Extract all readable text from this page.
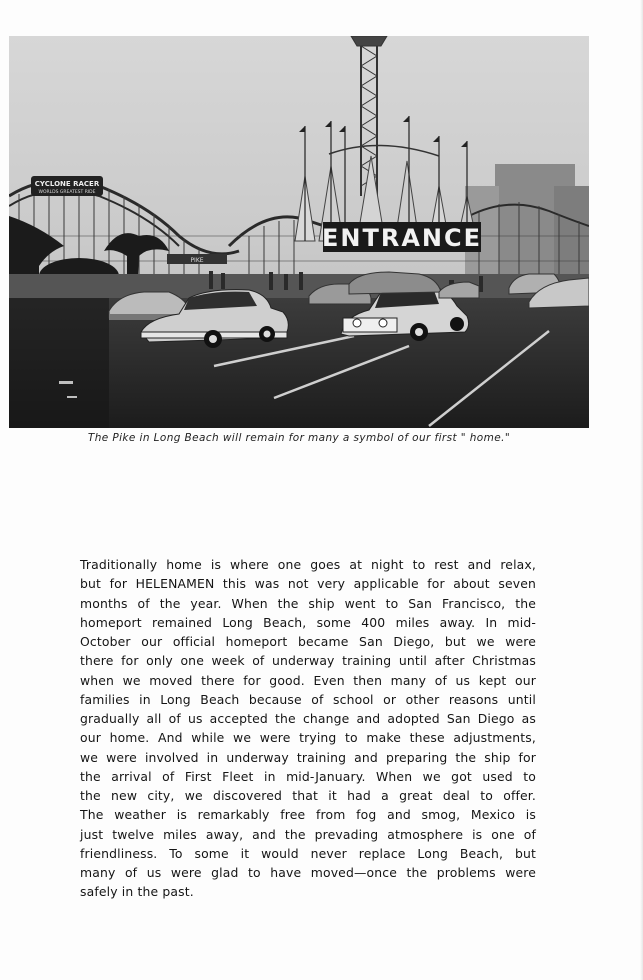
CYCLONE RACER
WORLDS GREATEST RIDE
ENTRANCE
PIKE
The Pike in Long Beach will remain for many a symbol of our first " home."
Traditionally home is where one goes at night to rest and relax,
but for HELENAMEN this was not very applicable for about seven
months of the year. When the ship went to San Francisco, the
homeport remained Long Beach, some 400 miles away. In mid-
October our official homeport became San Diego, but we were
there for only one week of underway training until after Christmas
when we moved there for good. Even then many of us kept our
families in Long Beach because of school or other reasons until
gradually all of us accepted the change and adopted San Diego as
our home. And while we were trying to make these adjustments,
we were involved in underway training and preparing the ship for
the arrival of First Fleet in mid-January. When we got used to
the new city, we discovered that it had a great deal to offer.
The weather is remarkably free from fog and smog, Mexico is
just twelve miles away, and the prevading atmosphere is one of
friendliness. To some it would never replace Long Beach, but
many of us were glad to have moved—once the problems were
safely in the past.
